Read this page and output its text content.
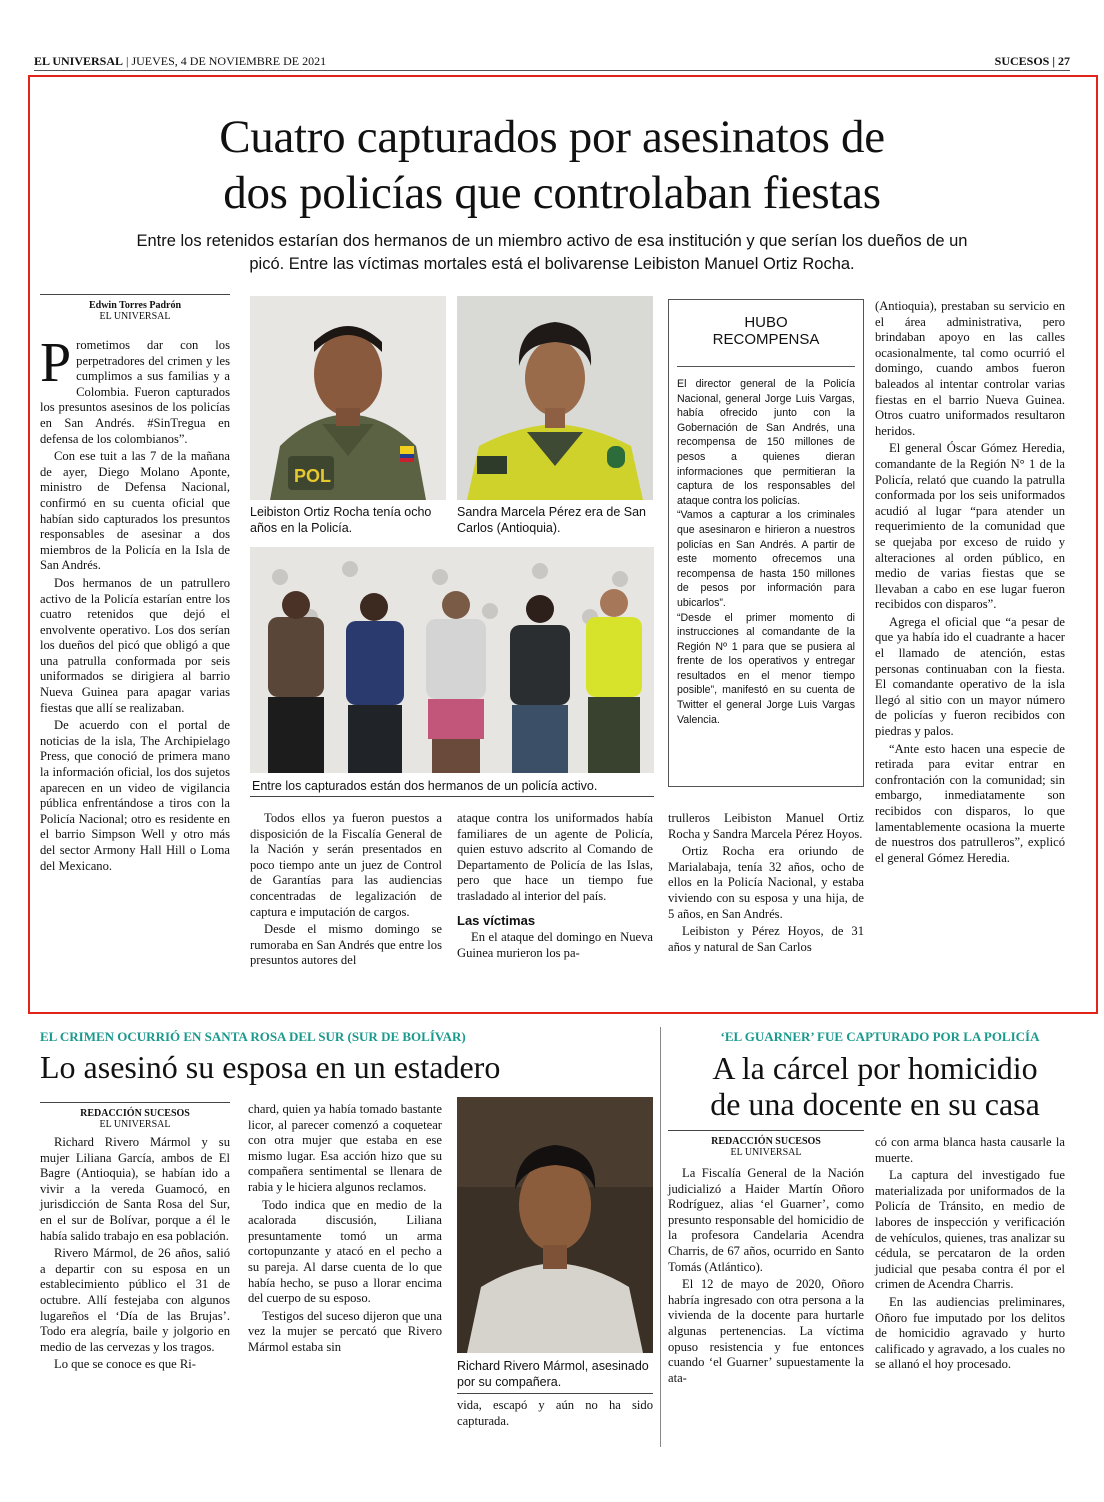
EL UNIVERSAL | JUEVES, 4 DE NOVIEMBRE DE 2021	SUCESOS | 27
Cuatro capturados por asesinatos de
dos policías que controlaban fiestas
Entre los retenidos estarían dos hermanos de un miembro activo de esa institución y que serían los dueños de un
picó. Entre las víctimas mortales está el bolivarense Leibiston Manuel Ortiz Rocha.
Edwin Torres Padrón
EL UNIVERSAL

Prometimos dar con los perpetradores del crimen y les cumplimos a sus familias y a Colombia. Fueron capturados los presuntos asesinos de los policías en San Andrés. #SinTregua en defensa de los colombianos”.

Con ese tuit a las 7 de la mañana de ayer, Diego Molano Aponte, ministro de Defensa Nacional, confirmó en su cuenta oficial que habían sido capturados los presuntos responsables de asesinar a dos miembros de la Policía en la Isla de San Andrés.

Dos hermanos de un patrullero activo de la Policía estarían entre los cuatro retenidos que dejó el envolvente operativo. Los dos serían los dueños del picó que obligó a que una patrulla conformada por seis uniformados se dirigiera al barrio Nueva Guinea para apagar varias fiestas que allí se realizaban.

De acuerdo con el portal de noticias de la isla, The Archipielago Press, que conoció de primera mano la información oficial, los dos sujetos aparecen en un video de vigilancia pública enfrentándose a tiros con la Policía Nacional; otro es residente en el barrio Simpson Well y otro más del sector Armony Hall Hill o Loma del Mexicano.

POL
Leibiston Ortiz Rocha tenía ocho años en la Policía.
Sandra Marcela Pérez era de San Carlos (Antioquia).
Entre los capturados están dos hermanos de un policía activo.
HUBO
RECOMPENSA

El director general de la Policía Nacional, general Jorge Luis Vargas, había ofrecido junto con la Gobernación de San Andrés, una recompensa de 150 millones de pesos a quienes dieran informaciones que permitieran la captura de los responsables del ataque contra los policías.

“Vamos a capturar a los criminales que asesinaron e hirieron a nuestros policías en San Andrés. A partir de este momento ofrecemos una recompensa de hasta 150 millones de pesos por información para ubicarlos”.

“Desde el primer momento di instrucciones al comandante de la Región Nº 1 para que se pusiera al frente de los operativos y entregar resultados en el menor tiempo posible”, manifestó en su cuenta de Twitter el general Jorge Luis Vargas Valencia.

Todos ellos ya fueron puestos a disposición de la Fiscalía General de la Nación y serán presentados en poco tiempo ante un juez de Control de Garantías para las audiencias concentradas de legalización de captura e imputación de cargos.

Desde el mismo domingo se rumoraba en San Andrés que entre los presuntos autores del

ataque contra los uniformados había familiares de un agente de Policía, quien estuvo adscrito al Comando de Departamento de Policía de las Islas, pero que hace un tiempo fue trasladado al interior del país.

Las víctimas

En el ataque del domingo en Nueva Guinea murieron los pa-

trulleros Leibiston Manuel Ortiz Rocha y Sandra Marcela Pérez Hoyos.

Ortiz Rocha era oriundo de Marialabaja, tenía 32 años, ocho de ellos en la Policía Nacional, y estaba viviendo con su esposa y una hija, de 5 años, en San Andrés.

Leibiston y Pérez Hoyos, de 31 años y natural de San Carlos

(Antioquia), prestaban su servicio en el área administrativa, pero brindaban apoyo en las calles ocasionalmente, tal como ocurrió el domingo, cuando ambos fueron baleados al intentar controlar varias fiestas en el barrio Nueva Guinea. Otros cuatro uniformados resultaron heridos.

El general Óscar Gómez Heredia, comandante de la Región N° 1 de la Policía, relató que cuando la patrulla conformada por los seis uniformados acudió al lugar “para atender un requerimiento de la comunidad que se quejaba por exceso de ruido y alteraciones al orden público, en medio de varias fiestas que se llevaban a cabo en ese lugar fueron recibidos con disparos”.

Agrega el oficial que “a pesar de que ya había ido el cuadrante a hacer el llamado de atención, estas personas continuaban con la fiesta. El comandante operativo de la isla llegó al sitio con un mayor número de policías y fueron recibidos con piedras y palos.

“Ante esto hacen una especie de retirada para evitar entrar en confrontación con la comunidad; sin embargo, inmediatamente son recibidos con disparos, lo que lamentablemente ocasiona la muerte de nuestros dos patrulleros”, explicó el general Gómez Heredia.

EL CRIMEN OCURRIÓ EN SANTA ROSA DEL SUR (SUR DE BOLÍVAR)
Lo asesinó su esposa en un estadero
REDACCIÓN SUCESOS
EL UNIVERSAL

Richard Rivero Mármol y su mujer Liliana García, ambos de El Bagre (Antioquia), se habían ido a vivir a la vereda Guamocó, en jurisdicción de Santa Rosa del Sur, en el sur de Bolívar, porque a él le había salido trabajo en esa población.

Rivero Mármol, de 26 años, salió a departir con su esposa en un establecimiento público el 31 de octubre. Allí festejaba con algunos lugareños el ‘Día de las Brujas’. Todo era alegría, baile y jolgorio en medio de las cervezas y los tragos.

Lo que se conoce es que Ri-

chard, quien ya había tomado bastante licor, al parecer comenzó a coquetear con otra mujer que estaba en ese mismo lugar. Esa acción hizo que su compañera sentimental se llenara de rabia y le hiciera algunos reclamos.

Todo indica que en medio de la acalorada discusión, Liliana presuntamente tomó un arma cortopunzante y atacó en el pecho a su pareja. Al darse cuenta de lo que había hecho, se puso a llorar encima del cuerpo de su esposo.

Testigos del suceso dijeron que una vez la mujer se percató que Rivero Mármol estaba sin

Richard Rivero Mármol, asesinado por su compañera.

vida, escapó y aún no ha sido capturada.

‘EL GUARNER’ FUE CAPTURADO POR LA POLICÍA
A la cárcel por homicidio
de una docente en su casa
REDACCIÓN SUCESOS
EL UNIVERSAL

La Fiscalía General de la Nación judicializó a Haider Martín Oñoro Rodríguez, alias ‘el Guarner’, como presunto responsable del homicidio de la profesora Candelaria Acendra Charris, de 67 años, ocurrido en Santo Tomás (Atlántico).

El 12 de mayo de 2020, Oñoro habría ingresado con otra persona a la vivienda de la docente para hurtarle algunas pertenencias. La víctima opuso resistencia y fue entonces cuando ‘el Guarner’ supuestamente la ata-

có con arma blanca hasta causarle la muerte.

La captura del investigado fue materializada por uniformados de la Policía de Tránsito, en medio de labores de inspección y verificación de vehículos, quienes, tras analizar su cédula, se percataron de la orden judicial que pesaba contra él por el crimen de Acendra Charris.

En las audiencias preliminares, Oñoro fue imputado por los delitos de homicidio agravado y hurto calificado y agravado, a los cuales no se allanó el hoy procesado.
